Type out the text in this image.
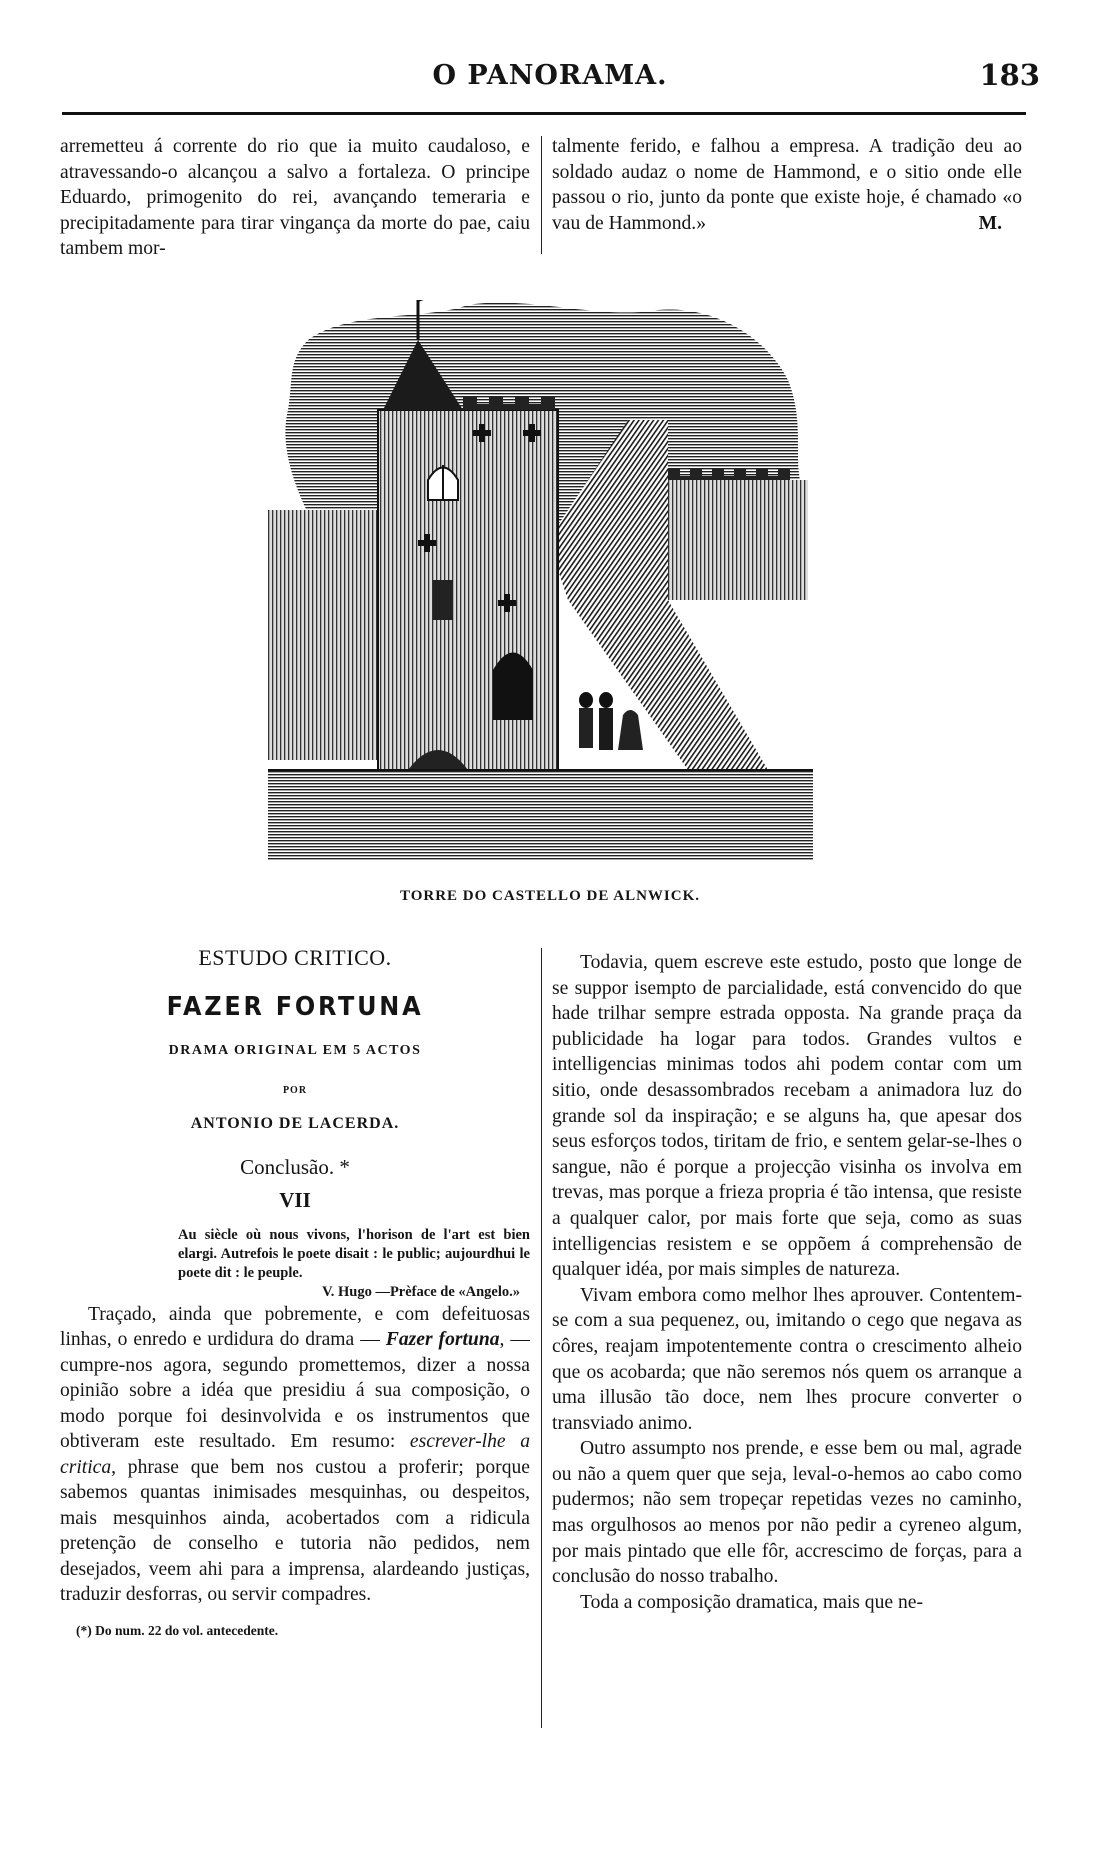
O PANORAMA.	183

arremetteu á corrente do rio que ia muito caudaloso, e atravessando-o alcançou a salvo a fortaleza. O principe Eduardo, primogenito do rei, avançando temeraria e precipitadamente para tirar vingança da morte do pae, caiu tambem mor-

talmente ferido, e falhou a empresa. A tradição deu ao soldado audaz o nome de Hammond, e o sitio onde elle passou o rio, junto da ponte que existe hoje, é chamado «o vau de Hammond.»	M.

TORRE DO CASTELLO DE ALNWICK.
ESTUDO CRITICO.
FAZER FORTUNA
DRAMA ORIGINAL EM 5 ACTOS
POR
ANTONIO DE LACERDA.
Conclusão. *
VII
Au siècle où nous vivons, l'horison de l'art est bien elargi. Autrefois le poete disait : le public; aujourdhui le poete dit : le peuple.
V. Hugo —Prèface de «Angelo.»

Traçado, ainda que pobremente, e com defeituosas linhas, o enredo e urdidura do drama — Fazer fortuna, — cumpre-nos agora, segundo promettemos, dizer a nossa opinião sobre a idéa que presidiu á sua composição, o modo porque foi desinvolvida e os instrumentos que obtiveram este resultado. Em resumo: escrever-lhe a critica, phrase que bem nos custou a proferir; porque sabemos quantas inimisades mesquinhas, ou despeitos, mais mesquinhos ainda, acobertados com a ridicula pretenção de conselho e tutoria não pedidos, nem desejados, veem ahi para a imprensa, alardeando justiças, traduzir desforras, ou servir compadres.

(*) Do num. 22 do vol. antecedente.

Todavia, quem escreve este estudo, posto que longe de se suppor isempto de parcialidade, está convencido do que hade trilhar sempre estrada opposta. Na grande praça da publicidade ha logar para todos. Grandes vultos e intelligencias minimas todos ahi podem contar com um sitio, onde desassombrados recebam a animadora luz do grande sol da inspiração; e se alguns ha, que apesar dos seus esforços todos, tiritam de frio, e sentem gelar-se-lhes o sangue, não é porque a projecção visinha os involva em trevas, mas porque a frieza propria é tão intensa, que resiste a qualquer calor, por mais forte que seja, como as suas intelligencias resistem e se oppõem á comprehensão de qualquer idéa, por mais simples de natureza.

Vivam embora como melhor lhes aprouver. Contentem-se com a sua pequenez, ou, imitando o cego que negava as côres, reajam impotentemente contra o crescimento alheio que os acobarda; que não seremos nós quem os arranque a uma illusão tão doce, nem lhes procure converter o transviado animo.

Outro assumpto nos prende, e esse bem ou mal, agrade ou não a quem quer que seja, leval-o-hemos ao cabo como pudermos; não sem tropeçar repetidas vezes no caminho, mas orgulhosos ao menos por não pedir a cyreneo algum, por mais pintado que elle fôr, accrescimo de forças, para a conclusão do nosso trabalho.

Toda a composição dramatica, mais que ne-
